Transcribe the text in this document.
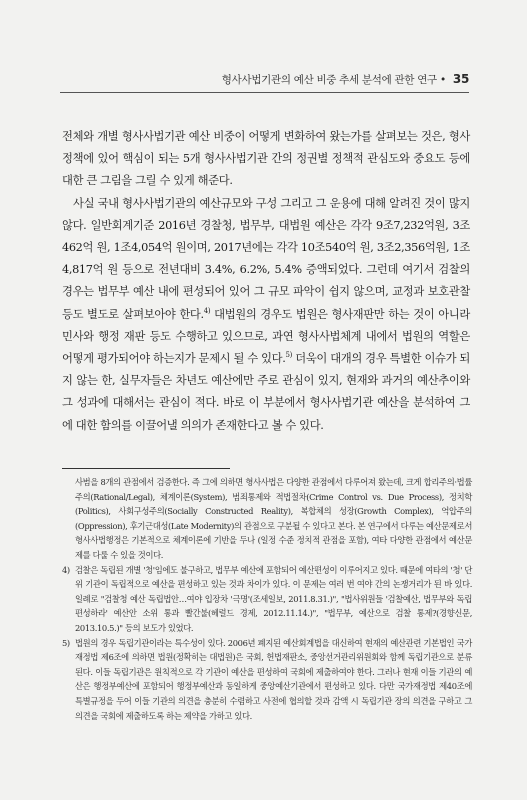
형사사법기관의 예산 비중 추세 분석에 관한 연구 • 35

전체와 개별 형사사법기관 예산 비중이 어떻게 변화하여 왔는가를 살펴보는 것은, 형사정책에 있어 핵심이 되는 5개 형사사법기관 간의 정권별 정책적 관심도와 중요도 등에 대한 큰 그림을 그릴 수 있게 해준다.

사실 국내 형사사법기관의 예산규모와 구성 그리고 그 운용에 대해 알려진 것이 많지 않다. 일반회계기준 2016년 경찰청, 법무부, 대법원 예산은 각각 9조7,232억원, 3조462억 원, 1조4,054억 원이며, 2017년에는 각각 10조540억 원, 3조2,356억원, 1조4,817억 원 등으로 전년대비 3.4%, 6.2%, 5.4% 증액되었다. 그런데 여기서 검찰의 경우는 법무부 예산 내에 편성되어 있어 그 규모 파악이 쉽지 않으며, 교정과 보호관찰 등도 별도로 살펴보아야 한다.$^{4)}$ 대법원의 경우도 법원은 형사재판만 하는 것이 아니라 민사와 행정 재판 등도 수행하고 있으므로, 과연 형사사법체계 내에서 법원의 역할은 어떻게 평가되어야 하는지가 문제시 될 수 있다.$^{5)}$ 더욱이 대개의 경우 특별한 이슈가 되지 않는 한, 실무자들은 차년도 예산에만 주로 관심이 있지, 현재와 과거의 예산추이와 그 성과에 대해서는 관심이 적다. 바로 이 부분에서 형사사법기관 예산을 분석하여 그에 대한 함의를 이끌어낼 의의가 존재한다고 볼 수 있다.

사범을 8개의 관점에서 검증한다. 즉 그에 의하면 형사사법은 다양한 관점에서 다루어져 왔는데, 크게 합리주의·법률주의(Rational/Legal), 체계이론(System), 범죄통제와 적법절차(Crime Control vs. Due Process), 정치학(Politics), 사회구성주의(Socially Constructed Reality), 복합체의 성장(Growth Complex), 억압주의(Oppression), 후기근대성(Late Modernity)의 관점으로 구분될 수 있다고 본다. 본 연구에서 다루는 예산문제로서 형사사법행정은 기본적으로 체계이론에 기반을 두나 (일정 수준 정치적 관점을 포함), 여타 다양한 관점에서 예산문제를 다룰 수 있을 것이다.
4) 검찰은 독립된 개별 '청'임에도 불구하고, 법무부 예산에 포함되어 예산편성이 이루어지고 있다. 때문에 여타의 '청' 단위 기관이 독립적으로 예산을 편성하고 있는 것과 차이가 있다. 이 문제는 여러 번 여야 간의 논쟁거리가 된 바 있다. 일례로 "검찰청 예산 독립법안…여야 입장차 '극명'(조세일보, 2011.8.31.)", "법사위원들 '검찰예산, 법무부와 독립 편성하라' 예산안 소위 통과 빨간불(헤럴드 경제, 2012.11.14.)", "법무부, 예산으로 검찰 통제?(경향신문, 2013.10.5.)" 등의 보도가 있었다.
5) 법원의 경우 독립기관이라는 특수성이 있다. 2006년 폐지된 예산회계법을 대신하여 현재의 예산관련 기본법인 국가재정법 제6조에 의하면 법원(정확히는 대법원)은 국회, 헌법재판소, 중앙선거관리위원회와 함께 독립기관으로 분류된다. 이들 독립기관은 원칙적으로 각 기관이 예산을 편성하여 국회에 제출하여야 한다. 그러나 현재 이들 기관의 예산은 행정부예산에 포함되어 행정부예산과 동일하게 중앙예산기관에서 편성하고 있다. 다만 국가재정법 제40조에 특별규정을 두어 이들 기관의 의견을 충분히 수렴하고 사전에 협의할 것과 감액 시 독립기관 장의 의견을 구하고 그 의견을 국회에 제출하도록 하는 제약을 가하고 있다.
